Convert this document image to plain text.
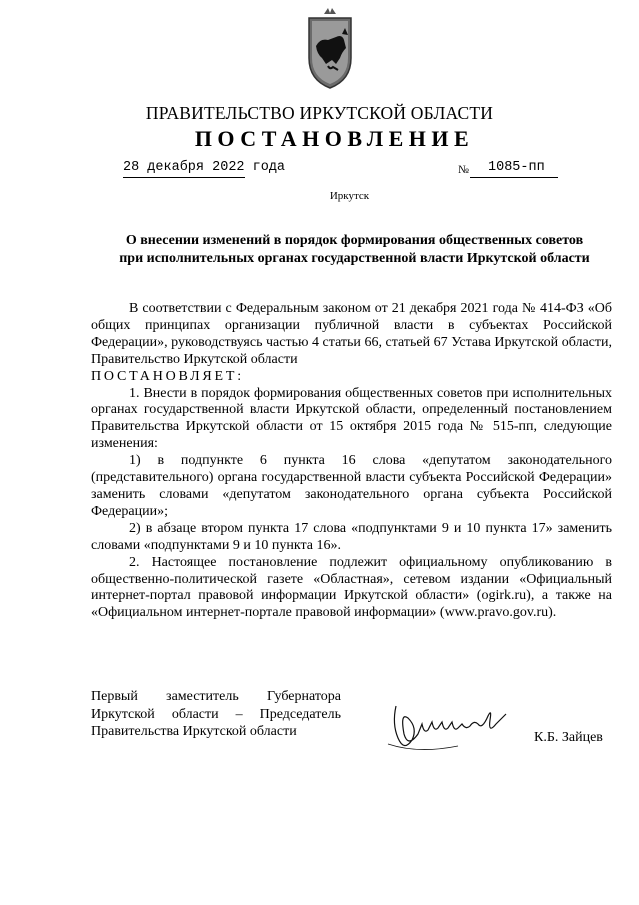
ПРАВИТЕЛЬСТВО ИРКУТСКОЙ ОБЛАСТИ
ПОСТАНОВЛЕНИЕ
28 декабря 2022 года	№ 1085-пп
Иркутск
О внесении изменений в порядок формирования общественных советов
при исполнительных органах государственной власти Иркутской области

В соответствии с Федеральным законом от 21 декабря 2021 года № 414-ФЗ «Об общих принципах организации публичной власти в субъектах Российской Федерации», руководствуясь частью 4 статьи 66, статьей 67 Устава Иркутской области, Правительство Иркутской области

ПОСТАНОВЛЯЕТ:

1. Внести в порядок формирования общественных советов при исполнительных органах государственной власти Иркутской области, определенный постановлением Правительства Иркутской области от 15 октября 2015 года № 515-пп, следующие изменения:

1) в подпункте 6 пункта 16 слова «депутатом законодательного (представительного) органа государственной власти субъекта Российской Федерации» заменить словами «депутатом законодательного органа субъекта Российской Федерации»;

2) в абзаце втором пункта 17 слова «подпунктами 9 и 10 пункта 17» заменить словами «подпунктами 9 и 10 пункта 16».

2. Настоящее постановление подлежит официальному опубликованию в общественно-политической газете «Областная», сетевом издании «Официальный интернет-портал правовой информации Иркутской области» (ogirk.ru), а также на «Официальном интернет-портале правовой информации» (www.pravo.gov.ru).

Первый заместитель Губернатора
Иркутской области – Председатель
Правительства Иркутской области	К.Б. Зайцев
